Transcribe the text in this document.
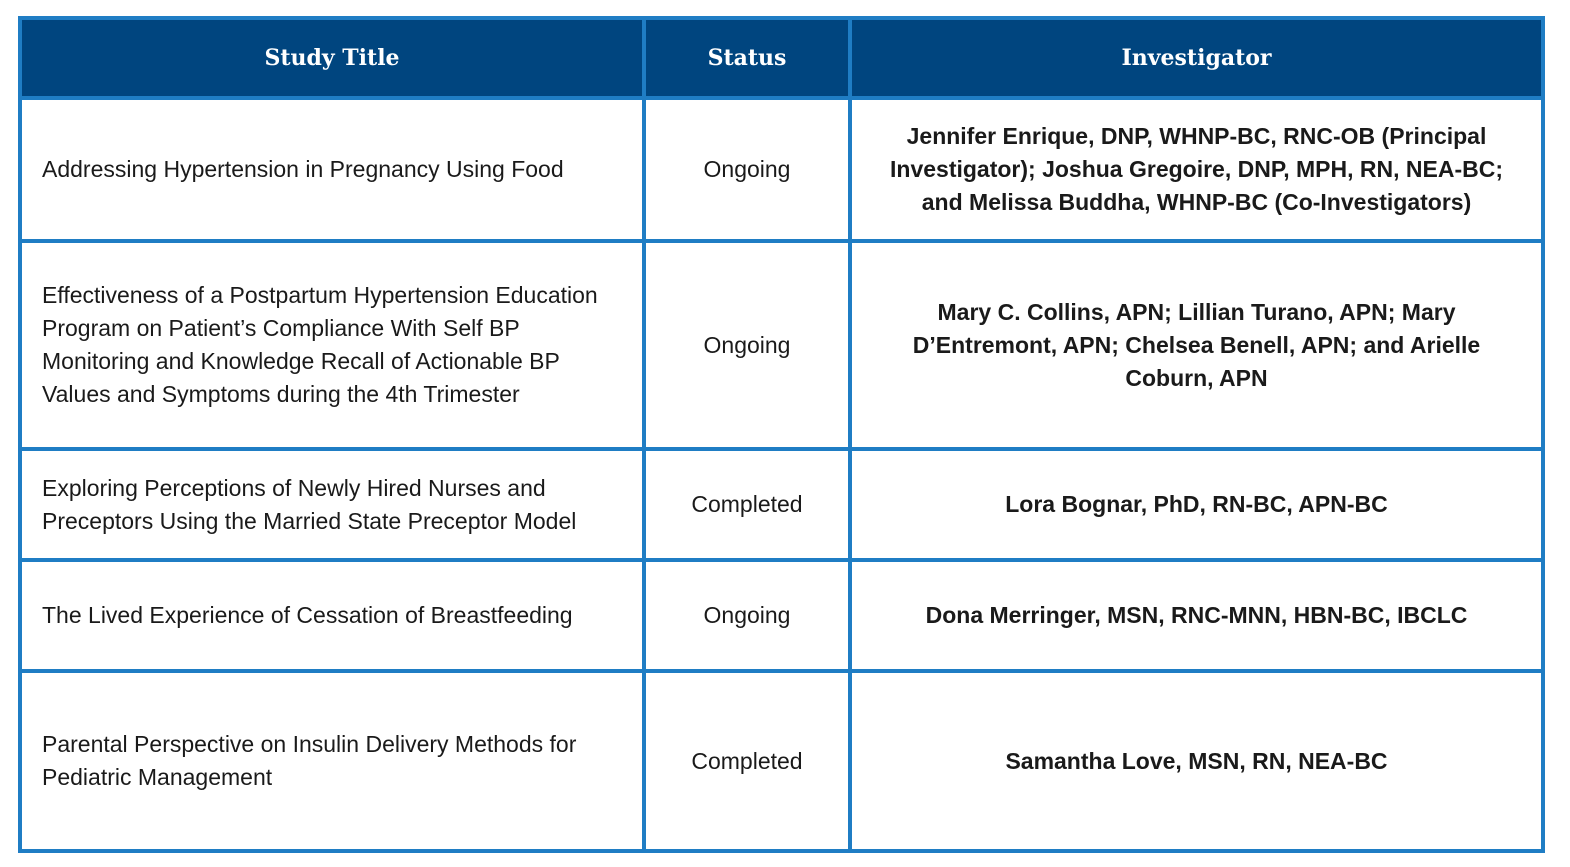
Study Title	Status	Investigator
Addressing Hypertension in Pregnancy Using Food	Ongoing	Jennifer Enrique, DNP, WHNP-BC, RNC-OB (Principal Investigator); Joshua Gregoire, DNP, MPH, RN, NEA-BC; and Melissa Buddha, WHNP-BC (Co-Investigators)
Effectiveness of a Postpartum Hypertension Education Program on Patient’s Compliance With Self BP Monitoring and Knowledge Recall of Actionable BP Values and Symptoms during the 4th Trimester	Ongoing	Mary C. Collins, APN; Lillian Turano, APN; Mary D’Entremont, APN; Chelsea Benell, APN; and Arielle Coburn, APN
Exploring Perceptions of Newly Hired Nurses and Preceptors Using the Married State Preceptor Model	Completed	Lora Bognar, PhD, RN-BC, APN-BC
The Lived Experience of Cessation of Breastfeeding	Ongoing	Dona Merringer, MSN, RNC-MNN, HBN-BC, IBCLC
Parental Perspective on Insulin Delivery Methods for Pediatric Management	Completed	Samantha Love, MSN, RN, NEA-BC
